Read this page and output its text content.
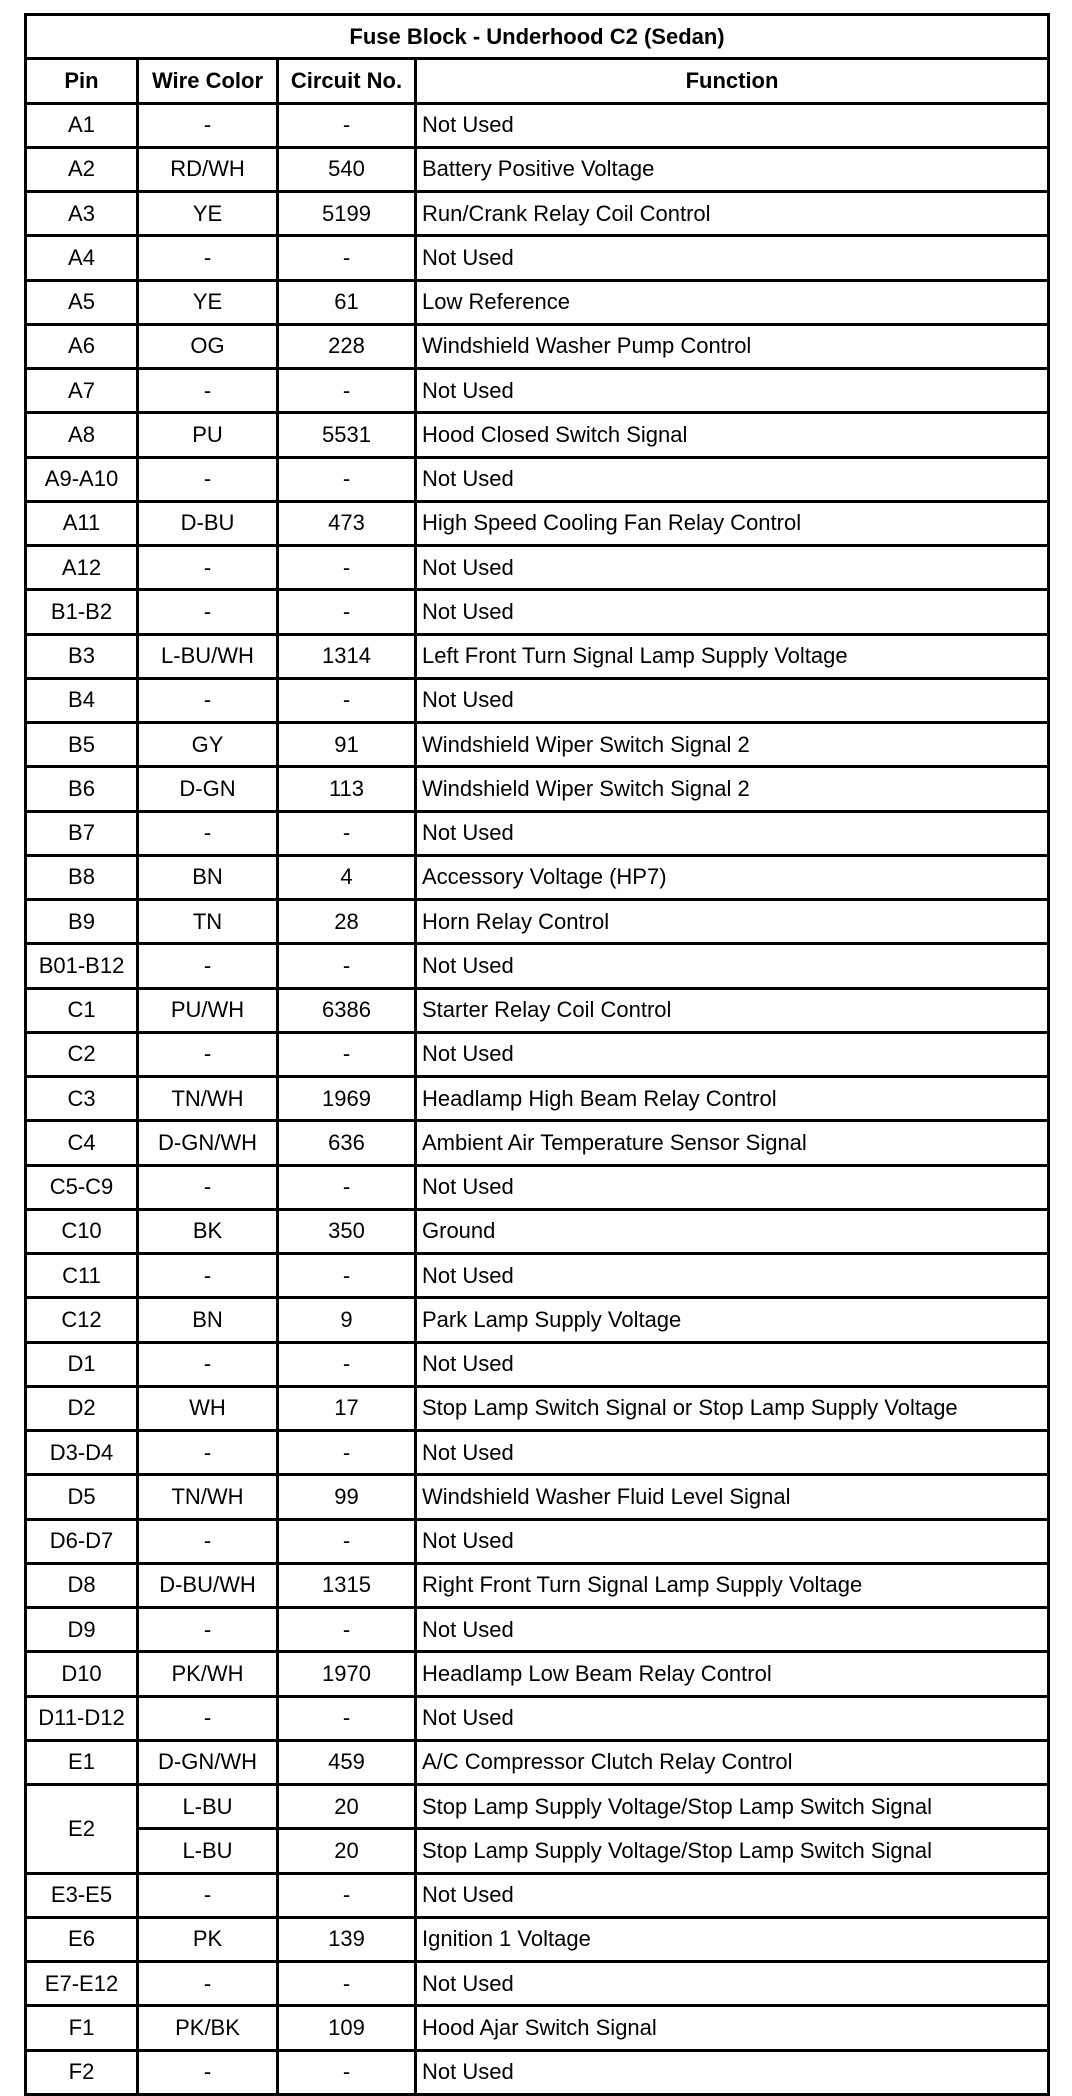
Fuse Block - Underhood C2 (Sedan)			
Pin	Wire Color	Circuit No.	Function
A1	-	-	Not Used
A2	RD/WH	540	Battery Positive Voltage
A3	YE	5199	Run/Crank Relay Coil Control
A4	-	-	Not Used
A5	YE	61	Low Reference
A6	OG	228	Windshield Washer Pump Control
A7	-	-	Not Used
A8	PU	5531	Hood Closed Switch Signal
A9-A10	-	-	Not Used
A11	D-BU	473	High Speed Cooling Fan Relay Control
A12	-	-	Not Used
B1-B2	-	-	Not Used
B3	L-BU/WH	1314	Left Front Turn Signal Lamp Supply Voltage
B4	-	-	Not Used
B5	GY	91	Windshield Wiper Switch Signal 2
B6	D-GN	113	Windshield Wiper Switch Signal 2
B7	-	-	Not Used
B8	BN	4	Accessory Voltage (HP7)
B9	TN	28	Horn Relay Control
B01-B12	-	-	Not Used
C1	PU/WH	6386	Starter Relay Coil Control
C2	-	-	Not Used
C3	TN/WH	1969	Headlamp High Beam Relay Control
C4	D-GN/WH	636	Ambient Air Temperature Sensor Signal
C5-C9	-	-	Not Used
C10	BK	350	Ground
C11	-	-	Not Used
C12	BN	9	Park Lamp Supply Voltage
D1	-	-	Not Used
D2	WH	17	Stop Lamp Switch Signal or Stop Lamp Supply Voltage
D3-D4	-	-	Not Used
D5	TN/WH	99	Windshield Washer Fluid Level Signal
D6-D7	-	-	Not Used
D8	D-BU/WH	1315	Right Front Turn Signal Lamp Supply Voltage
D9	-	-	Not Used
D10	PK/WH	1970	Headlamp Low Beam Relay Control
D11-D12	-	-	Not Used
E1	D-GN/WH	459	A/C Compressor Clutch Relay Control
E2	L-BU	20	Stop Lamp Supply Voltage/Stop Lamp Switch Signal
	L-BU	20	Stop Lamp Supply Voltage/Stop Lamp Switch Signal
E3-E5	-	-	Not Used
E6	PK	139	Ignition 1 Voltage
E7-E12	-	-	Not Used
F1	PK/BK	109	Hood Ajar Switch Signal
F2	-	-	Not Used
